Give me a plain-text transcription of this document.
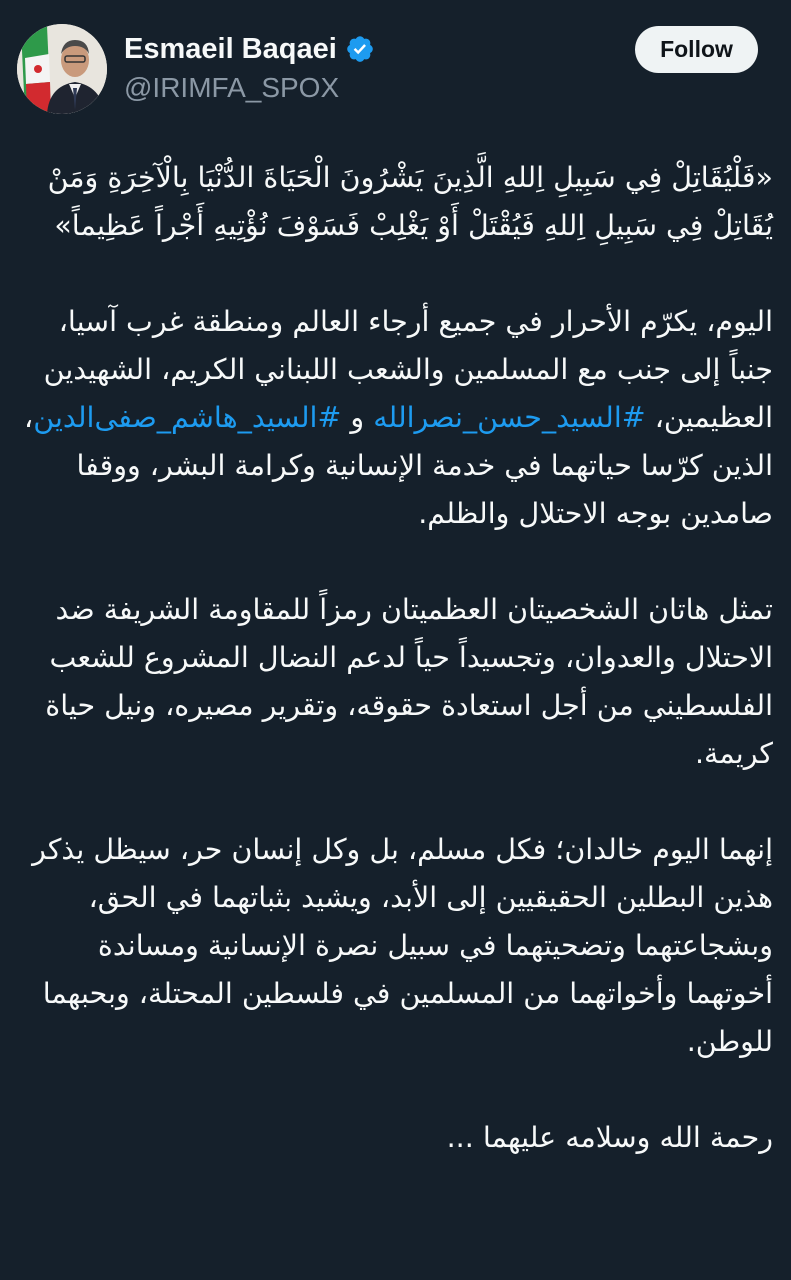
Esmaeil Baqaei
@IRIMFA_SPOX
Follow

«فَلْيُقَاتِلْ فِي سَبِيلِ اِللهِ الَّذِينَ يَشْرُونَ الْحَيَاةَ الدُّنْيَا بِالْآخِرَةِ وَمَنْ يُقَاتِلْ فِي سَبِيلِ اِللهِ فَيُقْتَلْ أَوْ يَغْلِبْ فَسَوْفَ نُؤْتِيهِ أَجْراً عَظِيماً»

اليوم، يكرّم الأحرار في جميع أرجاء العالم ومنطقة غرب آسيا، جنباً إلى جنب مع المسلمين والشعب اللبناني الكريم، الشهيدين العظيمين، #السيد_حسن_نصرالله و #السيد_هاشم_صفى‌الدين، الذين كرّسا حياتهما في خدمة الإنسانية وكرامة البشر، ووقفا صامدين بوجه الاحتلال والظلم.

تمثل هاتان الشخصيتان العظميتان رمزاً للمقاومة الشريفة ضد الاحتلال والعدوان، وتجسيداً حياً لدعم النضال المشروع للشعب الفلسطيني من أجل استعادة حقوقه، وتقرير مصيره، ونيل حياة كريمة.

إنهما اليوم خالدان؛ فكل مسلم، بل وكل إنسان حر، سيظل يذكر هذين البطلين الحقيقيين إلى الأبد، ويشيد بثباتهما في الحق، وبشجاعتهما وتضحيتهما في سبيل نصرة الإنسانية ومساندة أخوتهما وأخواتهما من المسلمين في فلسطين المحتلة، وبحبهما للوطن.

رحمة الله وسلامه عليهما ...
